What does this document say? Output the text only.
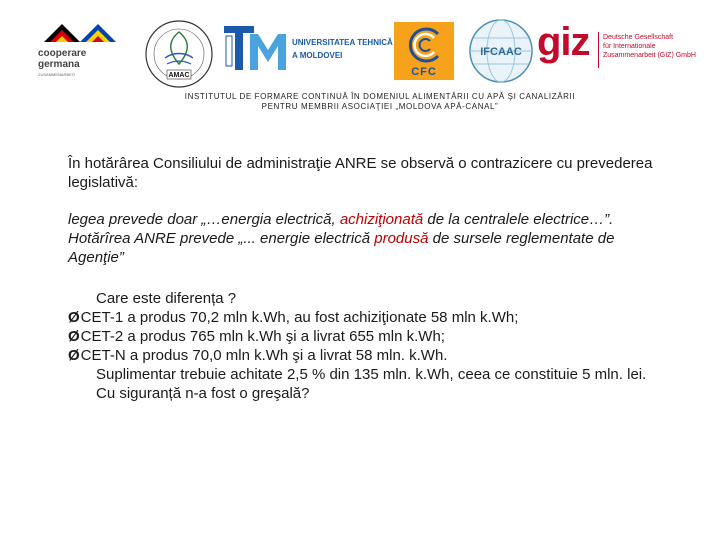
cooperare
germana
ZUSAMMENARBEIT	AMAC
UNIVERSITATEA TEHNICĂ
A MOLDOVEI
CFC
IFCAAC giz Deutsche Gesellschaft
für Internationale
Zusammenarbeit (GIZ) GmbH
INSTITUTUL DE FORMARE CONTINUĂ ÎN DOMENIUL ALIMENTĂRII CU APĂ ŞI CANALIZĂRII
PENTRU MEMBRII ASOCIAŢIEI „MOLDOVA APĂ-CANAL”

În hotărârea Consiliului de administraţie ANRE se observă o contrazicere cu prevederea legislativă:

legea prevede doar „…energia electrică, achiziţionată de la centralele electrice…”.

Hotărîrea ANRE prevede „... energie electrică produsă de sursele reglementate de Agenţie”

Care este diferența ?

ØCET-1 a produs 70,2 mln k.Wh, au fost achiziţionate 58 mln k.Wh;

ØCET-2 a produs 765 mln k.Wh şi a livrat 655 mln k.Wh;

ØCET-N a produs 70,0 mln k.Wh şi a livrat 58 mln. k.Wh.

Suplimentar trebuie achitate 2,5 % din 135 mln. k.Wh, ceea ce constituie 5 mln. lei.

Cu siguranță n-a fost o greşală?
